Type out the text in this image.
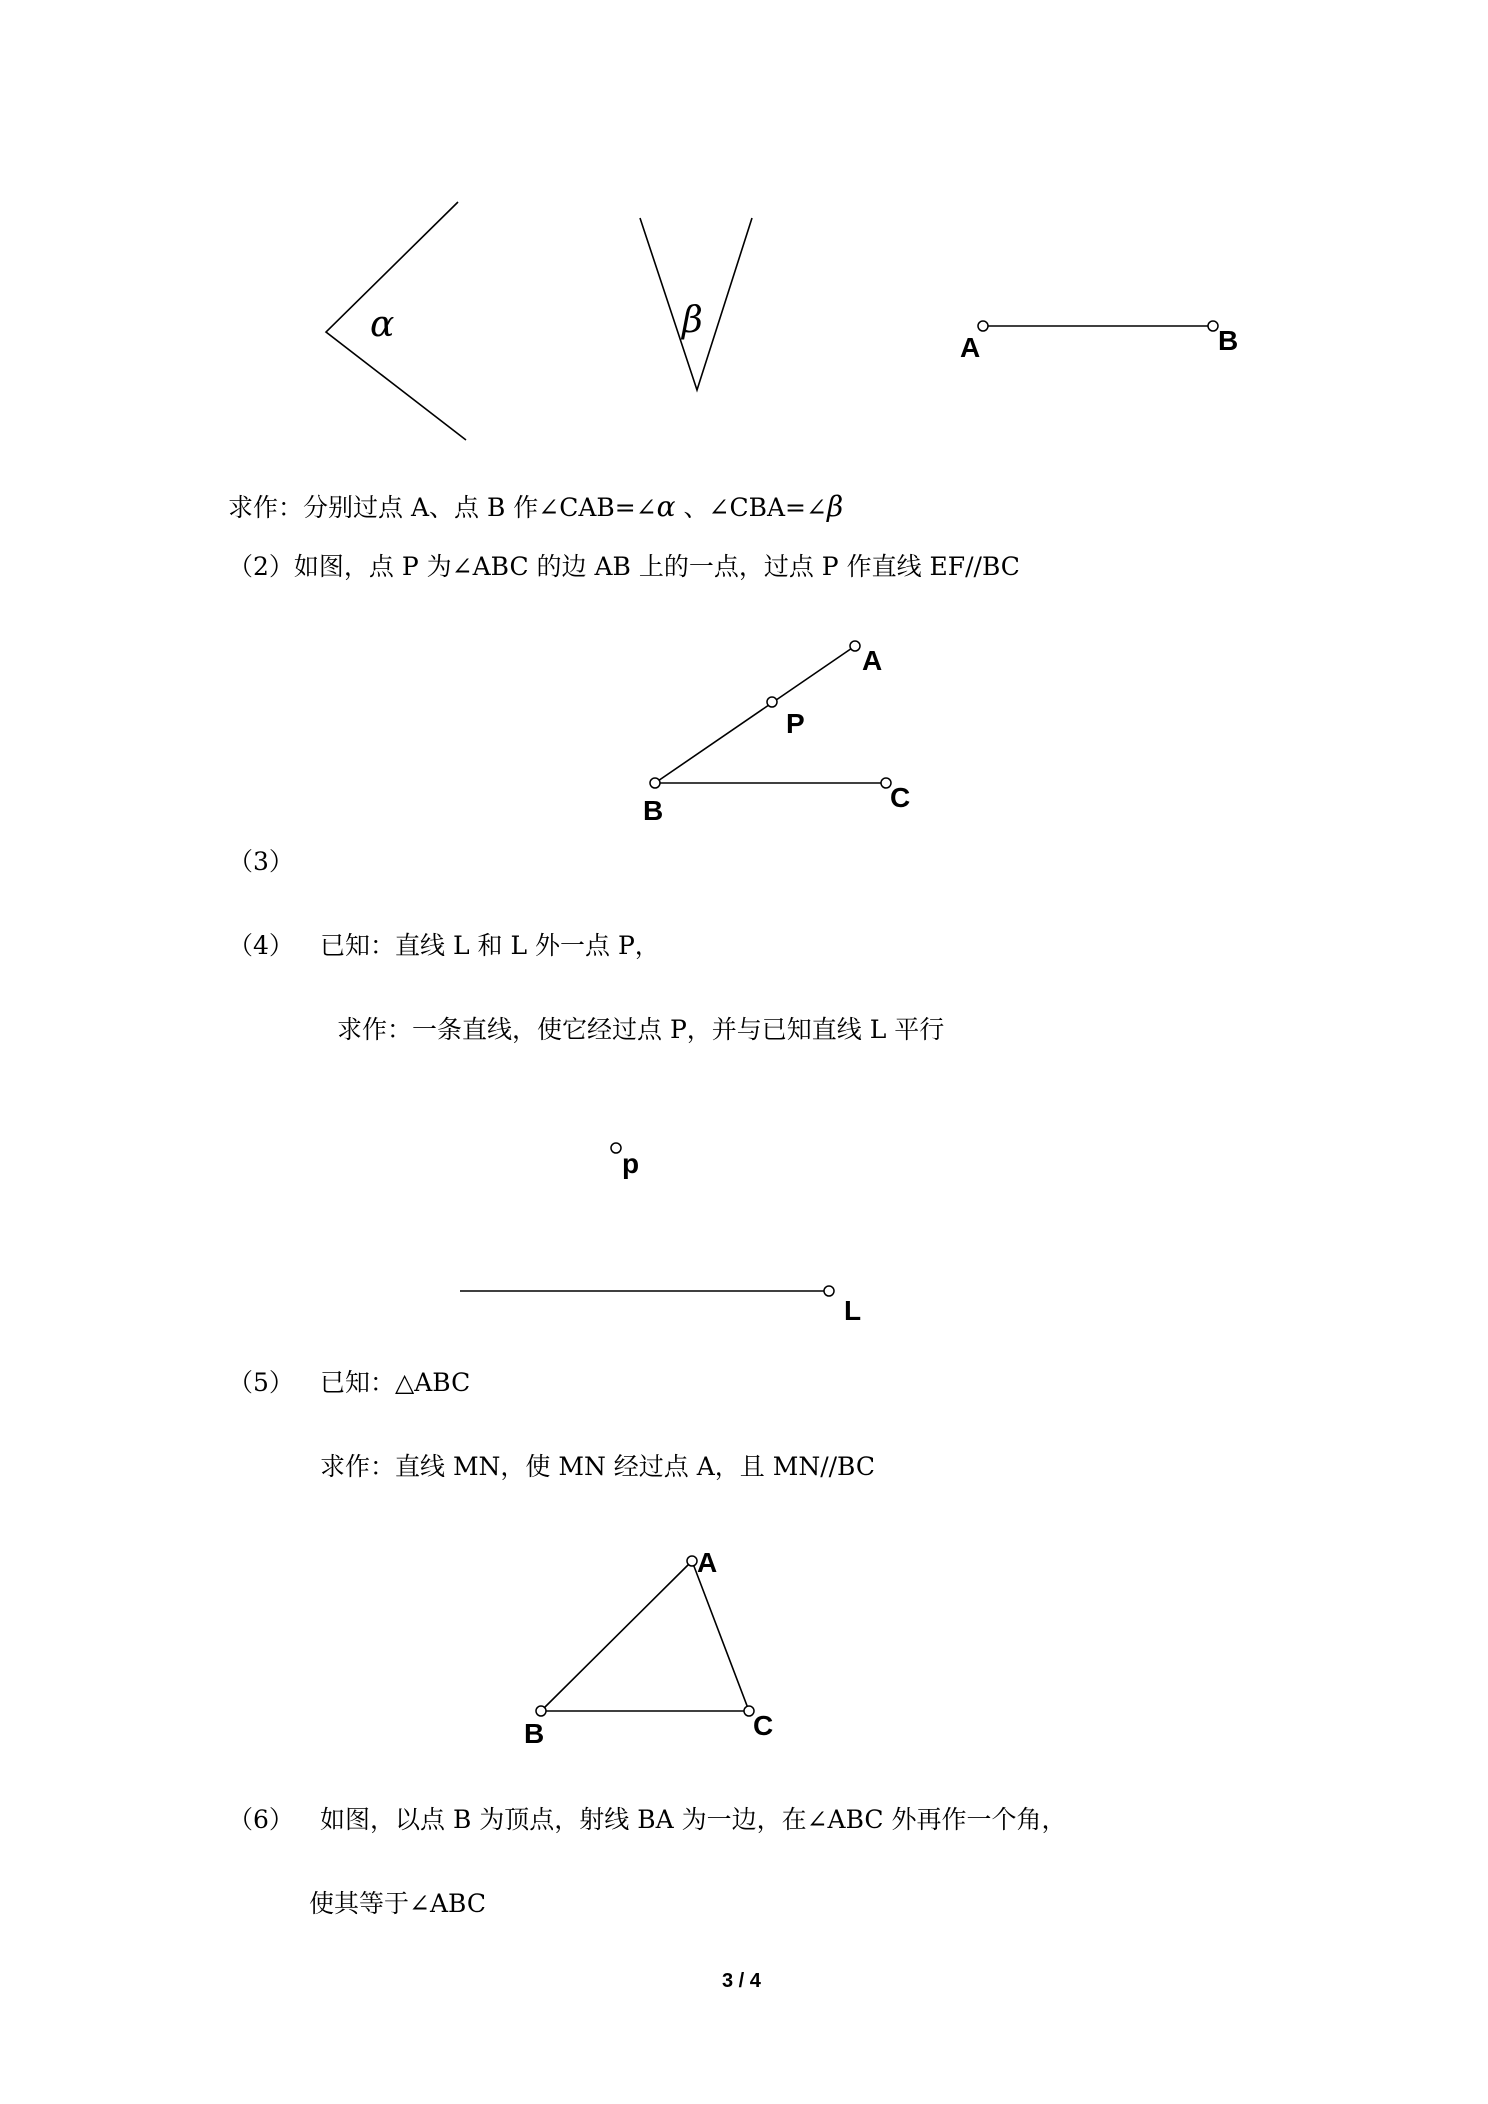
α	β
A	B
A
P
B	C
p
L
A
B	C
求作：分别过点 A、点 B 作∠CAB=∠α 、∠CBA=∠β
（2）如图，点 P 为∠ABC 的边 AB 上的一点，过点 P 作直线 EF//BC
（3）
（4） 已知：直线 L 和 L 外一点 P，
求作：一条直线，使它经过点 P，并与已知直线 L 平行
（5） 已知：△ABC
求作：直线 MN，使 MN 经过点 A，且 MN//BC
（6） 如图，以点 B 为顶点，射线 BA 为一边，在∠ABC 外再作一个角，
使其等于∠ABC
3 / 4
